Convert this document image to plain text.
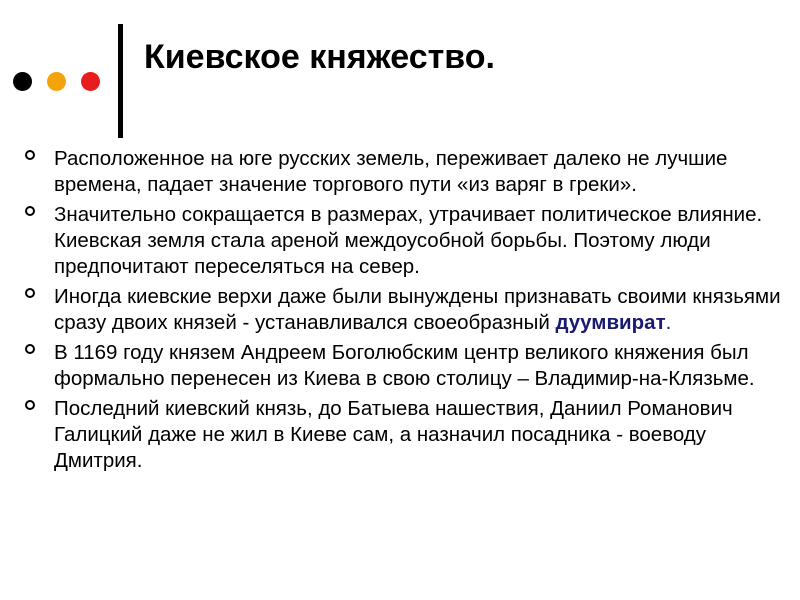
Киевское княжество.
Расположенное на юге русских земель, переживает далеко не лучшие времена, падает значение торгового пути «из варяг в греки».
Значительно сокращается в размерах, утрачивает политическое влияние. Киевская земля стала ареной междоусобной борьбы. Поэтому люди предпочитают переселяться на север.
Иногда киевские верхи даже были вынуждены признавать своими князьями сразу двоих князей - устанавливался своеобразный дуумвират.
В 1169 году князем Андреем Боголюбским центр великого княжения был формально перенесен из Киева в свою столицу – Владимир-на-Клязьме.
Последний киевский князь, до Батыева нашествия, Даниил Романович Галицкий даже не жил в Киеве сам, а назначил посадника - воеводу Дмитрия.
